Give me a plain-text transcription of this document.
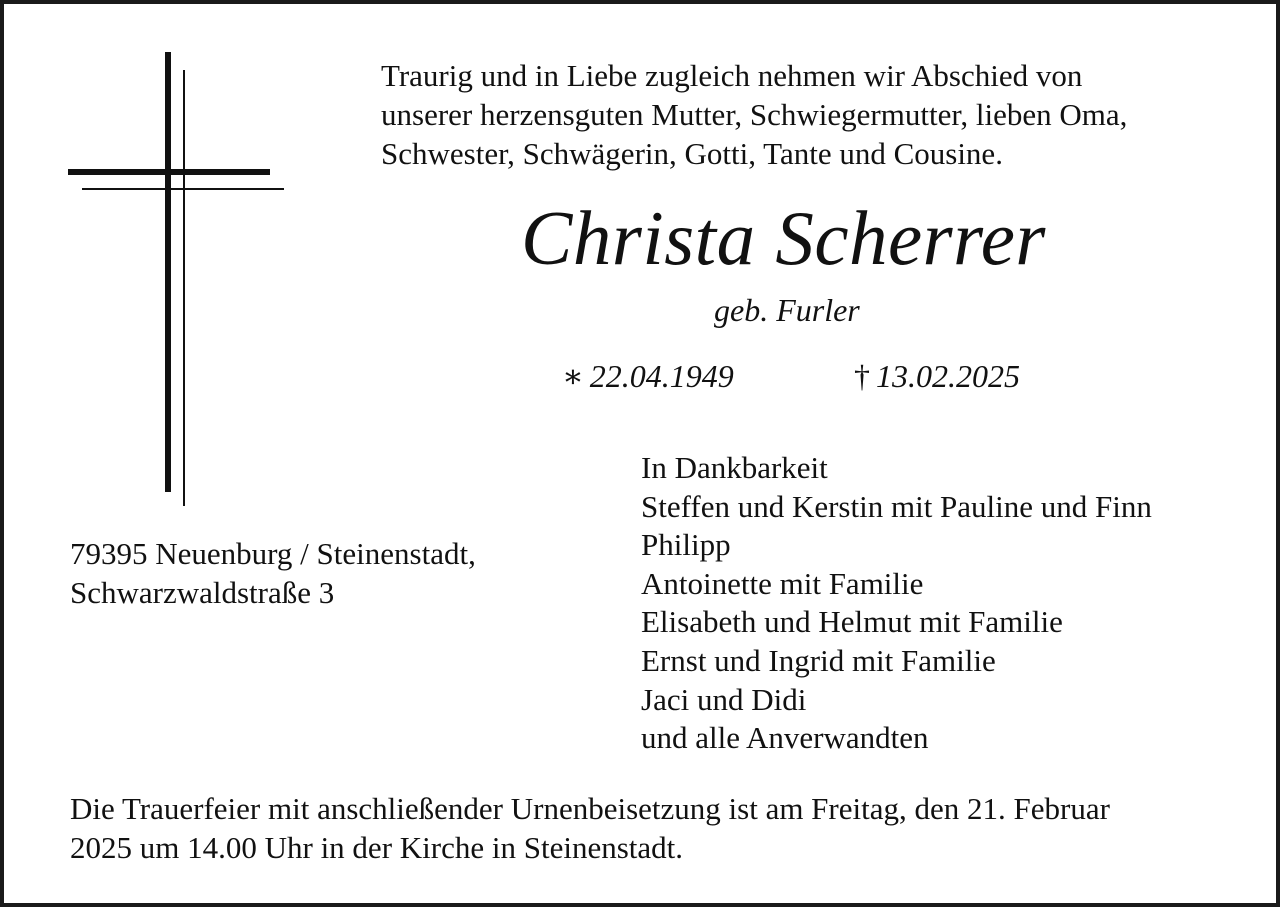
Traurig und in Liebe zugleich nehmen wir Abschied von
unserer herzensguten Mutter, Schwiegermutter, lieben Oma,
Schwester, Schwägerin, Gotti, Tante und Cousine.
Christa Scherrer
geb. Furler
∗ 22.04.1949	† 13.02.2025
79395 Neuenburg / Steinenstadt,
Schwarzwaldstraße 3
In Dankbarkeit
Steffen und Kerstin mit Pauline und Finn
Philipp
Antoinette mit Familie
Elisabeth und Helmut mit Familie
Ernst und Ingrid mit Familie
Jaci und Didi
und alle Anverwandten
Die Trauerfeier mit anschließender Urnenbeisetzung ist am Freitag, den 21. Februar
2025 um 14.00 Uhr in der Kirche in Steinenstadt.
